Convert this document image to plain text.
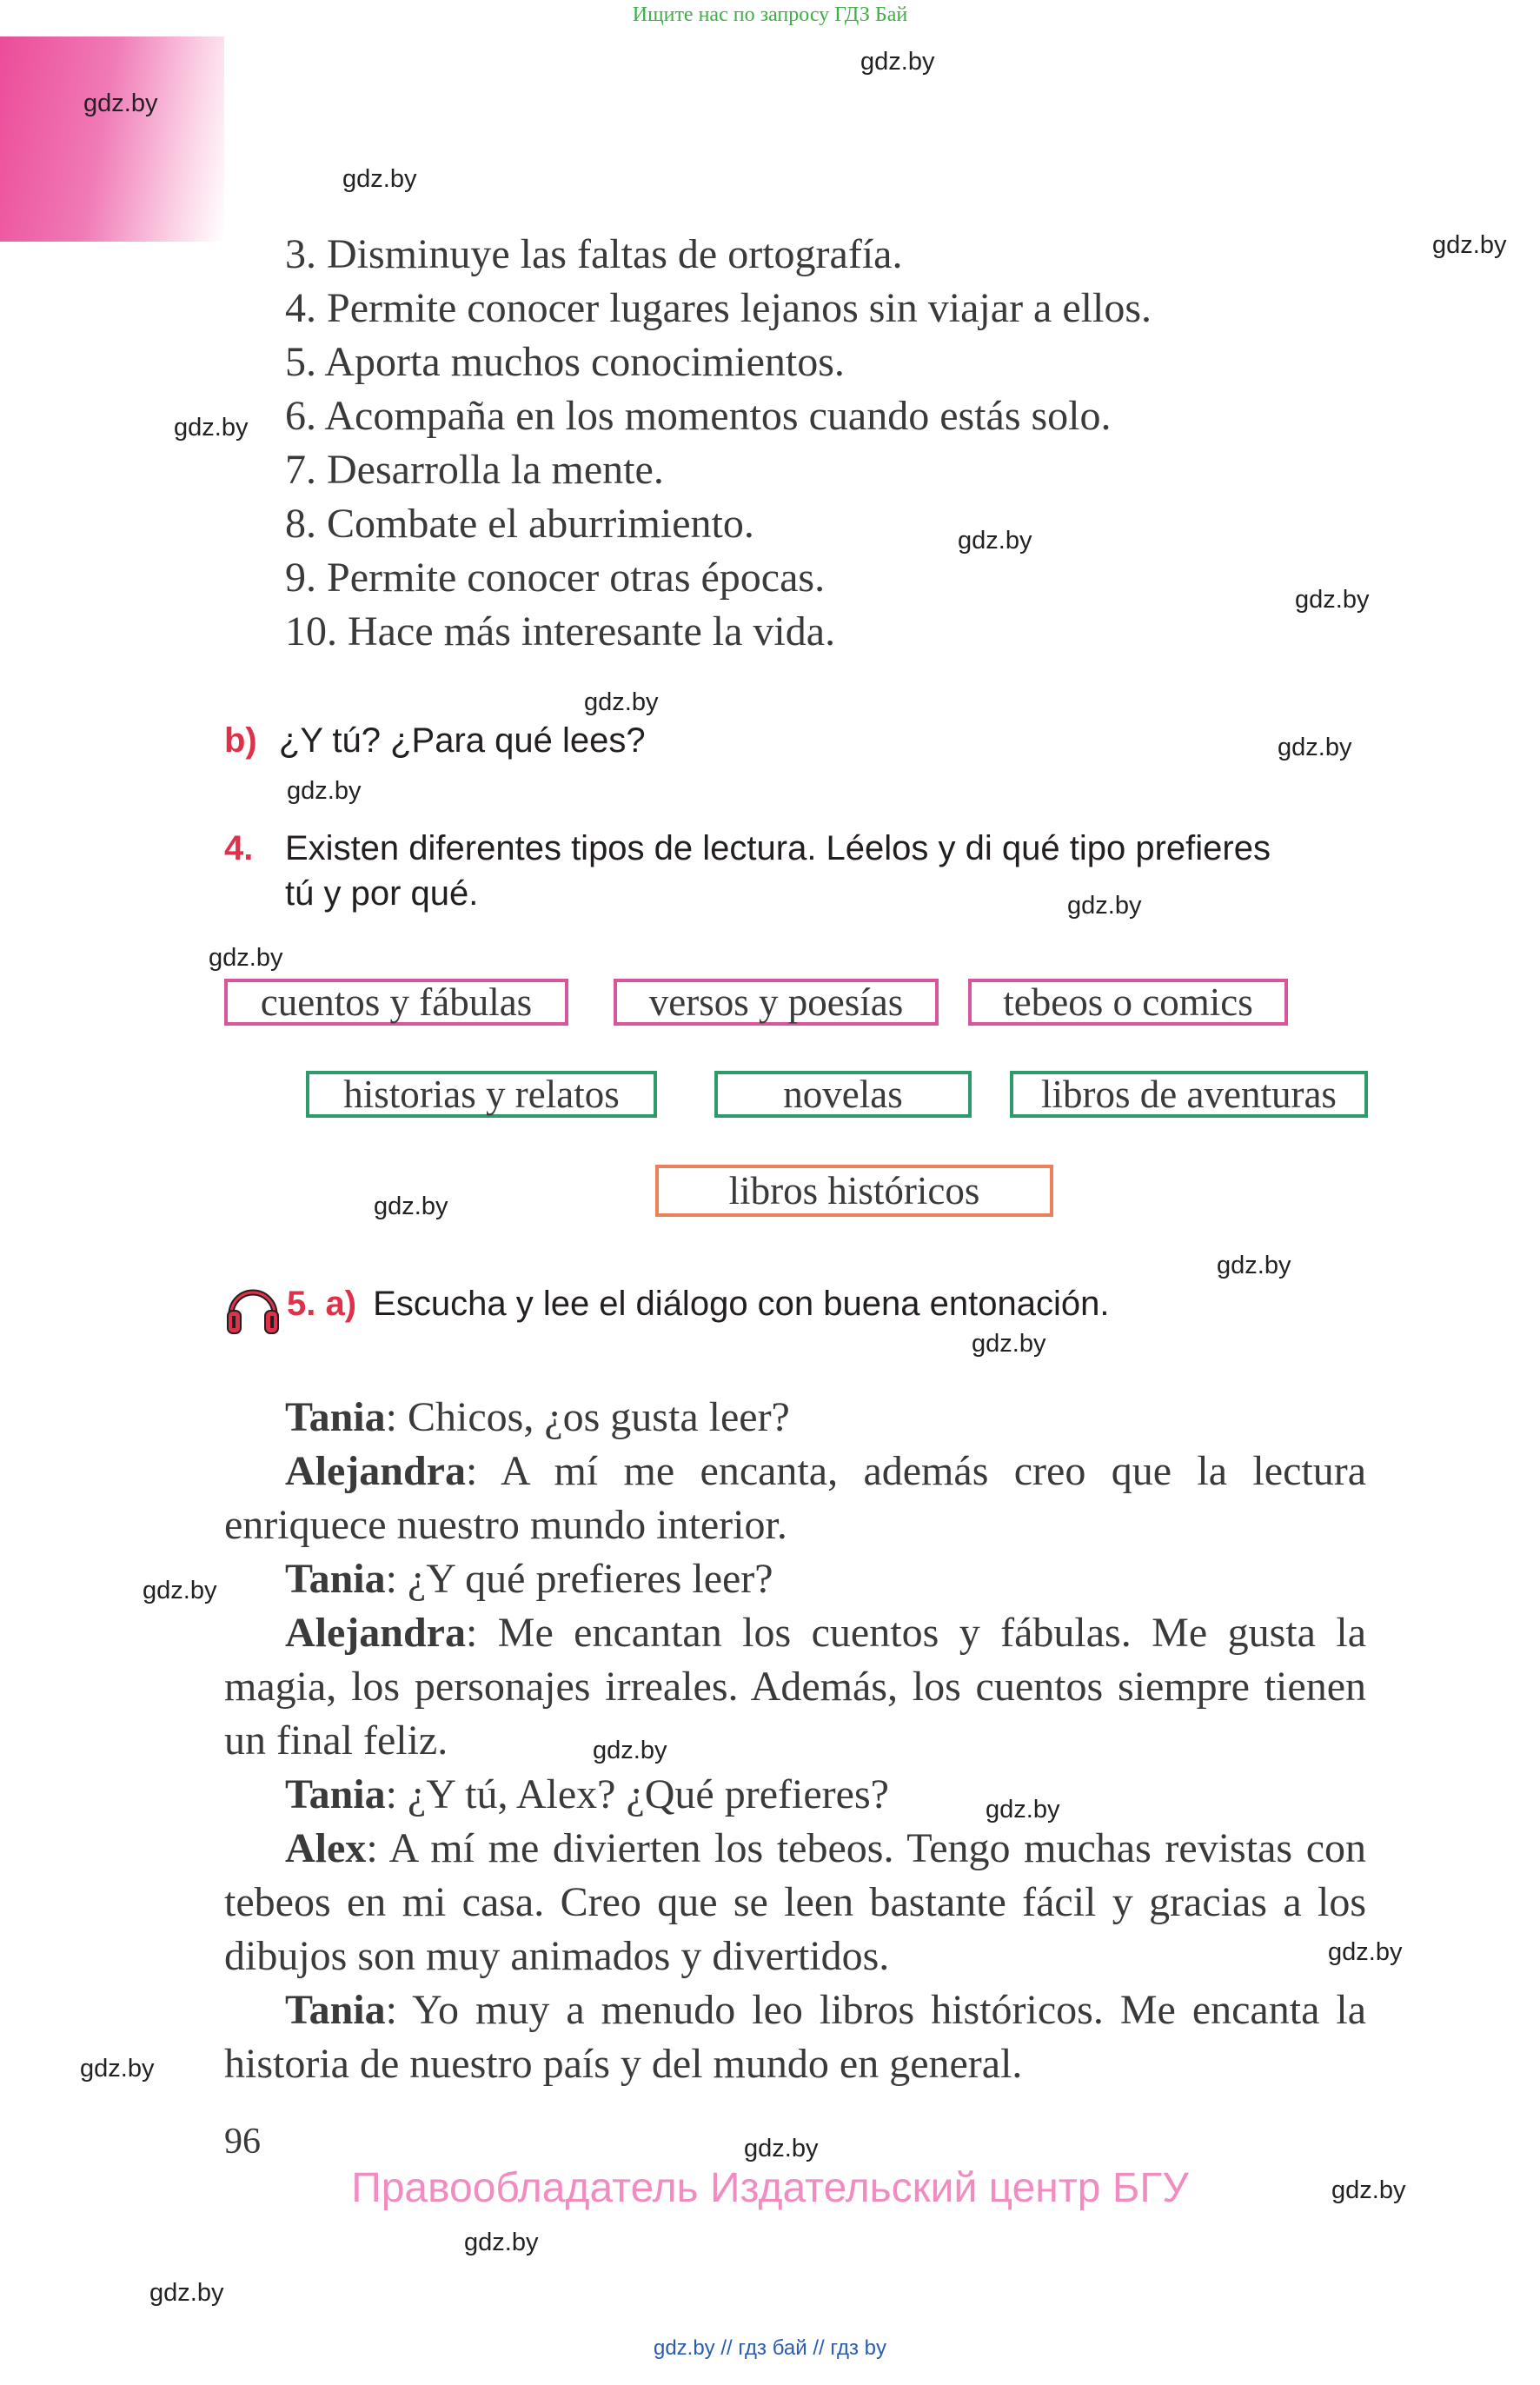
Ищите нас по запросу ГДЗ Бай
gdz.by
gdz.by
gdz.by
gdz.by
gdz.by
gdz.by
gdz.by
gdz.by
gdz.by
gdz.by
gdz.by
gdz.by
gdz.by
gdz.by
gdz.by
gdz.by
gdz.by
gdz.by
gdz.by
gdz.by
gdz.by
gdz.by
gdz.by
gdz.by
3. Disminuye las faltas de ortografía.
4. Permite conocer lugares lejanos sin viajar a ellos.
5. Aporta muchos conocimientos.
6. Acompaña en los momentos cuando estás solo.
7. Desarrolla la mente.
8. Combate el aburrimiento.
9. Permite conocer otras épocas.
10. Hace más interesante la vida.
b) ¿Y tú? ¿Para qué lees?
4. Existen diferentes tipos de lectura. Léelos y di qué tipo prefieres
tú y por qué.
cuentos y fábulas	versos y poesías	tebeos o comics
historias y relatos	novelas	libros de aventuras
libros históricos
5. a) Escucha y lee el diálogo con buena entonación.

Tania: Chicos, ¿os gusta leer?

Alejandra: A mí me encanta, además creo que la lectura enriquece nuestro mundo interior.

Tania: ¿Y qué prefieres leer?

Alejandra: Me encantan los cuentos y fábulas. Me gusta la magia, los personajes irreales. Además, los cuentos siempre tienen un final feliz.

Tania: ¿Y tú, Alex? ¿Qué prefieres?

Alex: A mí me divierten los tebeos. Tengo muchas revistas con tebeos en mi casa. Creo que se leen bastante fácil y gracias a los dibujos son muy animados y divertidos.

Tania: Yo muy a menudo leo libros históricos. Me encanta la historia de nuestro país y del mundo en general.

96
Правообладатель Издательский центр БГУ
gdz.by // гдз бай // гдз by
